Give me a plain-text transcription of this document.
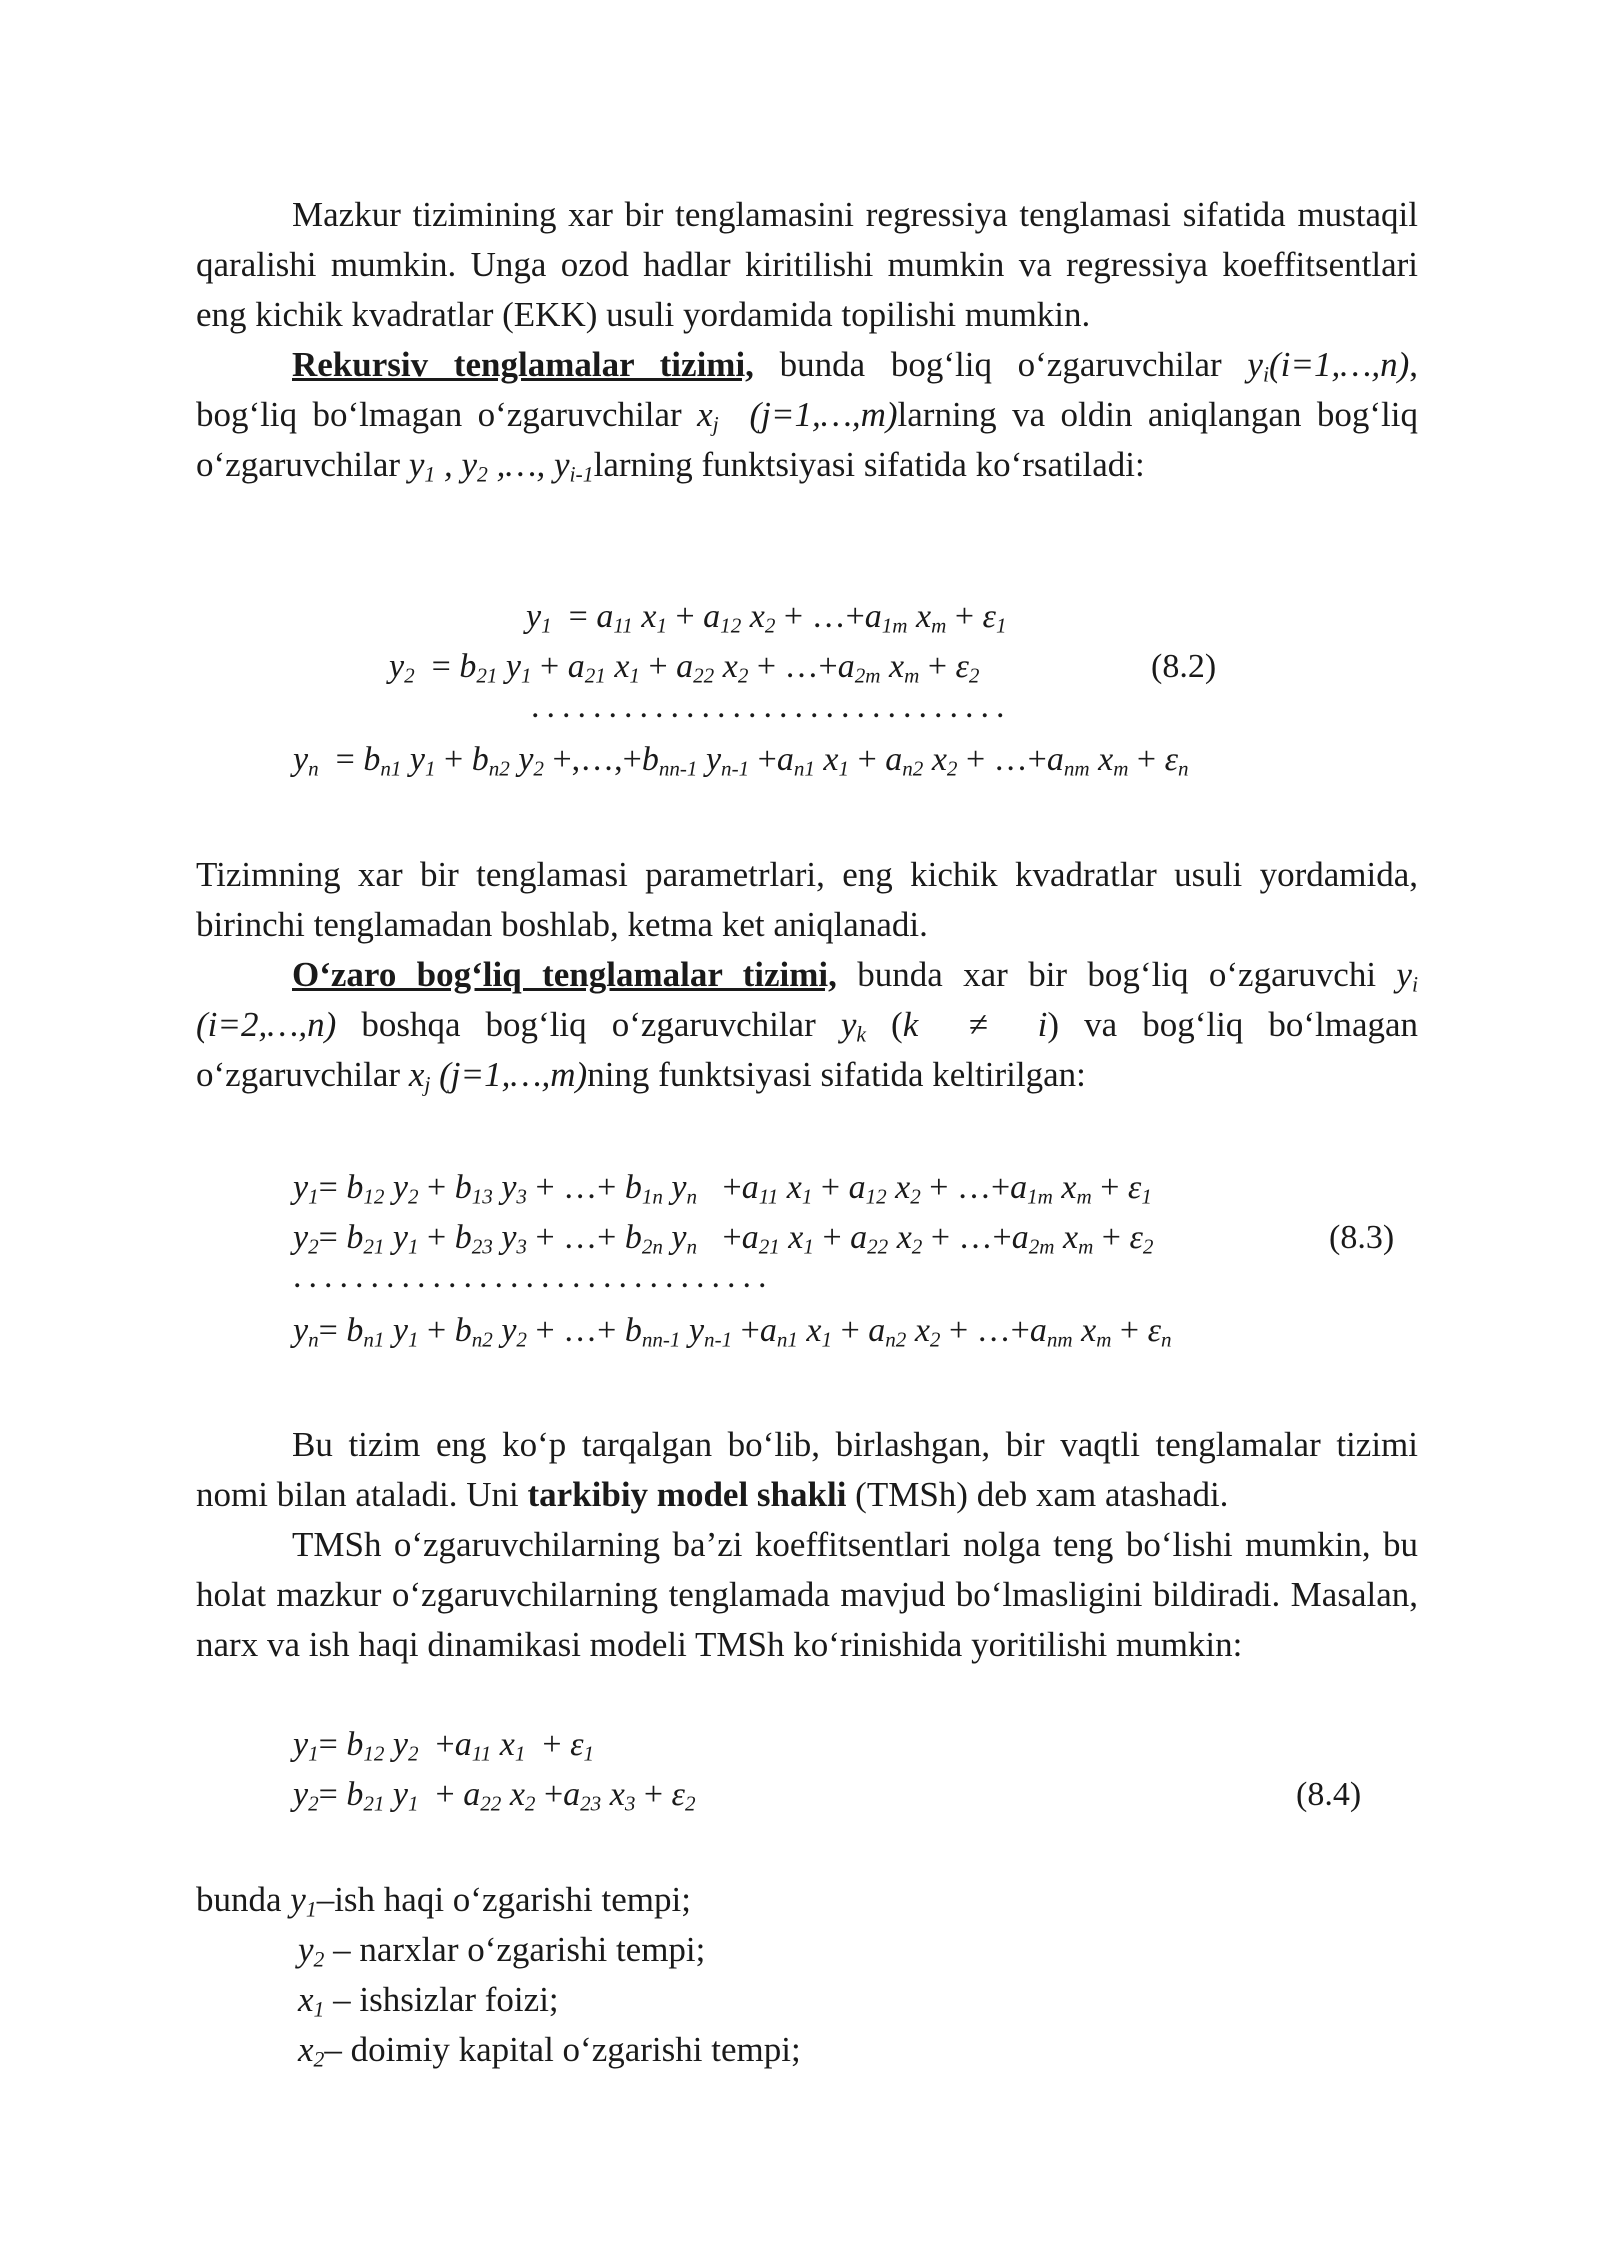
Mazkur tizimining xar bir tenglamasini regressiya tenglamasi sifatida mustaqil qaralishi mumkin. Unga ozod hadlar kiritilishi mumkin va regressiya koeffitsentlari eng kichik kvadratlar (EKK) usuli yordamida topilishi mumkin.

Rekursiv tenglamalar tizimi, bunda bog‘liq o‘zgaruvchilar $y_i(i=1,\dots,n)$, bog‘liq bo‘lmagan o‘zgaruvchilar $x_j$  (j=1,…,m)larning va oldin aniqlangan bog‘liq o‘zgaruvchilar $y_1$ , $y_2$ ,…, $y_{i-1}larning$ funktsiyasi sifatida ko‘rsatiladi:

$y_1 = a_{11}$ $x_1 + a_{12}$ $x_2$ + $\dots+a_{1m}$ $x_m + \varepsilon_1$
$y_2 = b_{21}$ $y_1 + a_{21}$ $x_1 + a_{22}$ $x_2$ + $\dots+a_{2m}$ $x_m + \varepsilon_2$	(8.2)
...............................
$y_n = b_{n1}$ $y_1 + b_{n2}$ $y_2$ $+,\dots,+b_{nn-1}$ $y_{n-1} +a_{n1}$ $x_1 + a_{n2}$ $x_2$ + $\dots+a_{nm}$ $x_m + \varepsilon_n$

Tizimning xar bir tenglamasi parametrlari, eng kichik kvadratlar usuli yordamida, birinchi tenglamadan boshlab, ketma ket aniqlanadi.

O‘zaro bog‘liq tenglamalar tizimi, bunda xar bir bog‘liq o‘zgaruvchi $y_i$ (i=2,…,n) boshqa bog‘liq o‘zgaruvchilar $y_k$ (k  ≠  i) va bog‘liq bo‘lmagan o‘zgaruvchilar $x_j$ (j=1,…,m)ning funktsiyasi sifatida keltirilgan:

$y_1= b_{12}$ $y_2 + b_{13}$ $y_3$ + …+ $b_{1n}$ $y_n +a_{11}$ $x_1 + a_{12}$ $x_2$ + $\dots+a_{1m}$ $x_m + \varepsilon_1$
$y_2= b_{21}$ $y_1 + b_{23}$ $y_3$ + …+ $b_{2n}$ $y_n +a_{21}$ $x_1 + a_{22}$ $x_2$ + $\dots+a_{2m}$ $x_m + \varepsilon_2$	(8.3)
...............................
$y_n= b_{n1}$ $y_1 + b_{n2}$ $y_2$ + …+ $b_{nn-1}$ $y_{n-1} +a_{n1}$ $x_1 + a_{n2}$ $x_2$ + $\dots+a_{nm}$ $x_m + \varepsilon_n$

Bu tizim eng ko‘p tarqalgan bo‘lib, birlashgan, bir vaqtli tenglamalar tizimi nomi bilan ataladi. Uni tarkibiy model shakli (TMSh) deb xam atashadi.

TMSh o‘zgaruvchilarning ba’zi koeffitsentlari nolga teng bo‘lishi mumkin, bu holat mazkur o‘zgaruvchilarning tenglamada mavjud bo‘lmasligini bildiradi. Masalan, narx va ish haqi dinamikasi modeli TMSh ko‘rinishida yoritilishi mumkin:

$y_1= b_{12}$ $y_2 +a_{11}$ $x_1 + \varepsilon_1$
$y_2= b_{21}$ $y_1 + a_{22}$ $x_2 +a_{23}$ $x_3 + \varepsilon_2$	(8.4)
bunda $y_1$–ish haqi o‘zgarishi tempi;
$y_2$ – narxlar o‘zgarishi tempi;
$x_1$ – ishsizlar foizi;
$x_2-$ doimiy kapital o‘zgarishi tempi;
